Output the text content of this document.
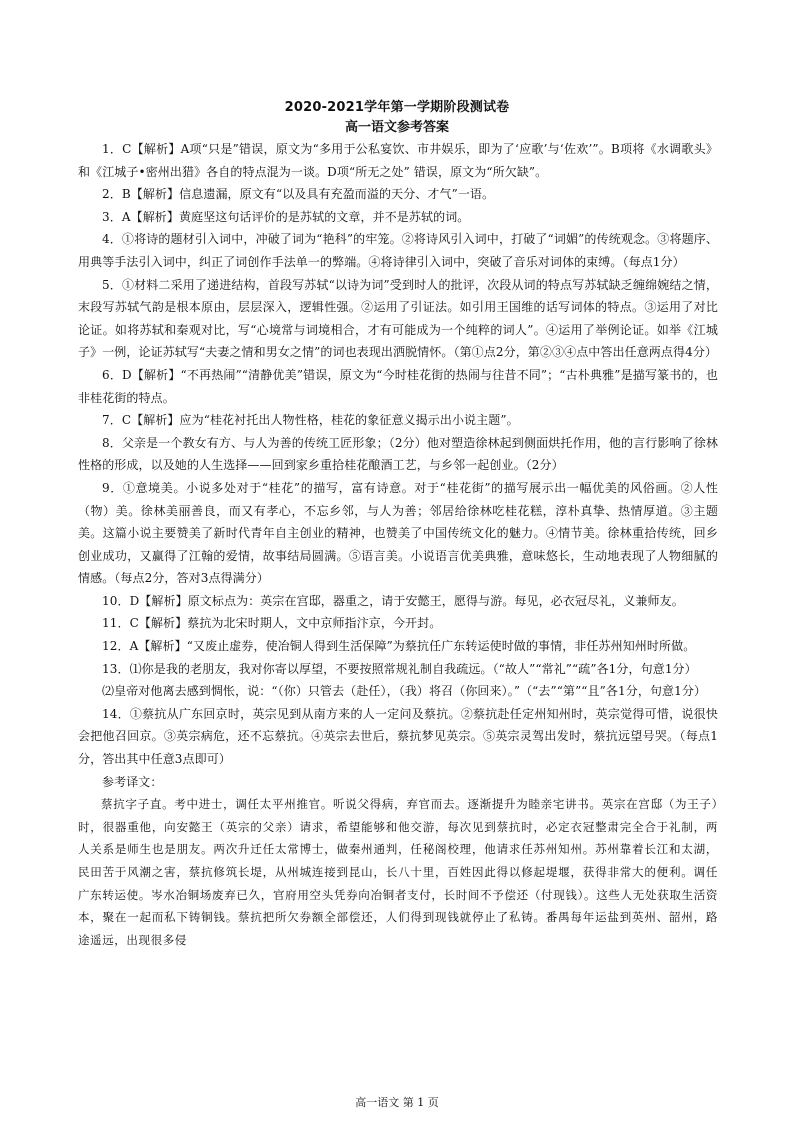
2020-2021学年第一学期阶段测试卷
高一语文参考答案

1．C【解析】A项“只是”错误，原文为“多用于公私宴饮、市井娱乐，即为了‘应歌’与‘佐欢’”。B项将《水调歌头》和《江城子•密州出猎》各自的特点混为一谈。D项“所无之处” 错误，原文为“所欠缺”。

2．B【解析】信息遗漏，原文有“以及具有充盈而溢的天分、才气”一语。

3．A【解析】黄庭坚这句话评价的是苏轼的文章，并不是苏轼的词。

4．①将诗的题材引入词中，冲破了词为“艳科”的牢笼。②将诗风引入词中，打破了“词媚”的传统观念。③将题序、用典等手法引入词中，纠正了词创作手法单一的弊端。④将诗律引入词中，突破了音乐对词体的束缚。（每点1分）

5．①材料二采用了递进结构，首段写苏轼“以诗为词”受到时人的批评，次段从词的特点写苏轼缺乏缠绵婉结之情，末段写苏轼气韵是根本原由，层层深入，逻辑性强。②运用了引证法。如引用王国维的话写词体的特点。③运用了对比论证。如将苏轼和秦观对比，写“心境常与词境相合，才有可能成为一个纯粹的词人”。④运用了举例论证。如举《江城子》一例，论证苏轼写“夫妻之情和男女之情”的词也表现出洒脱情怀。（第①点2分，第②③④点中答出任意两点得4分）

6．D【解析】“不再热闹”“清静优美”错误，原文为“今时桂花街的热闹与往昔不同”；“古朴典雅”是描写篆书的，也非桂花街的特点。

7．C【解析】应为“桂花衬托出人物性格，桂花的象征意义揭示出小说主题”。

8．父亲是一个教女有方、与人为善的传统工匠形象；（2分）他对塑造徐林起到侧面烘托作用，他的言行影响了徐林性格的形成，以及她的人生选择——回到家乡重拾桂花酿酒工艺，与乡邻一起创业。（2分）

9．①意境美。小说多处对于“桂花”的描写，富有诗意。对于“桂花街”的描写展示出一幅优美的风俗画。②人性（物）美。徐林美丽善良，而又有孝心，不忘乡邻，与人为善；邻居给徐林吃桂花糕，淳朴真挚、热情厚道。③主题美。这篇小说主要赞美了新时代青年自主创业的精神，也赞美了中国传统文化的魅力。④情节美。徐林重拾传统，回乡创业成功，又赢得了江翰的爱情，故事结局圆满。⑤语言美。小说语言优美典雅，意味悠长，生动地表现了人物细腻的情感。（每点2分，答对3点得满分）

10．D【解析】原文标点为：英宗在宫邸，器重之，请于安懿王，愿得与游。每见，必衣冠尽礼，义兼师友。

11．C【解析】蔡抗为北宋时期人，文中京师指汴京，今开封。

12．A【解析】“又废止虚券，使冶铜人得到生活保障”为蔡抗任广东转运使时做的事情，非任苏州知州时所做。

13．⑴你是我的老朋友，我对你寄以厚望，不要按照常规礼制自我疏远。（“故人”“常礼”“疏”各1分，句意1分）

⑵皇帝对他离去感到惆怅，说：“（你）只管去（赴任），（我）将召（你回来）。”（“去”“第”“且”各1分，句意1分）

14．①蔡抗从广东回京时，英宗见到从南方来的人一定问及蔡抗。②蔡抗赴任定州知州时，英宗觉得可惜，说很快会把他召回京。③英宗病危，还不忘蔡抗。④英宗去世后，蔡抗梦见英宗。⑤英宗灵驾出发时，蔡抗远望号哭。（每点1分，答出其中任意3点即可）

参考译文：

蔡抗字子直。考中进士，调任太平州推官。听说父得病，弃官而去。逐渐提升为睦亲宅讲书。英宗在宫邸（为王子）时，很器重他，向安懿王（英宗的父亲）请求，希望能够和他交游，每次见到蔡抗时，必定衣冠整肃完全合于礼制，两人关系是师生也是朋友。两次升迁任太常博士，做秦州通判，任秘阁校理，他请求任苏州知州。苏州靠着长江和太湖，民田苦于风潮之害，蔡抗修筑长堤，从州城连接到昆山，长八十里，百姓因此得以修起堤堰，获得非常大的便利。调任广东转运使。岑水冶铜场废弃已久，官府用空头凭券向冶铜者支付，长时间不予偿还（付现钱）。这些人无处获取生活资本，聚在一起而私下铸铜钱。蔡抗把所欠券额全部偿还，人们得到现钱就停止了私铸。番禺每年运盐到英州、韶州，路途遥远，出现很多侵

高一语文 第 1 页
